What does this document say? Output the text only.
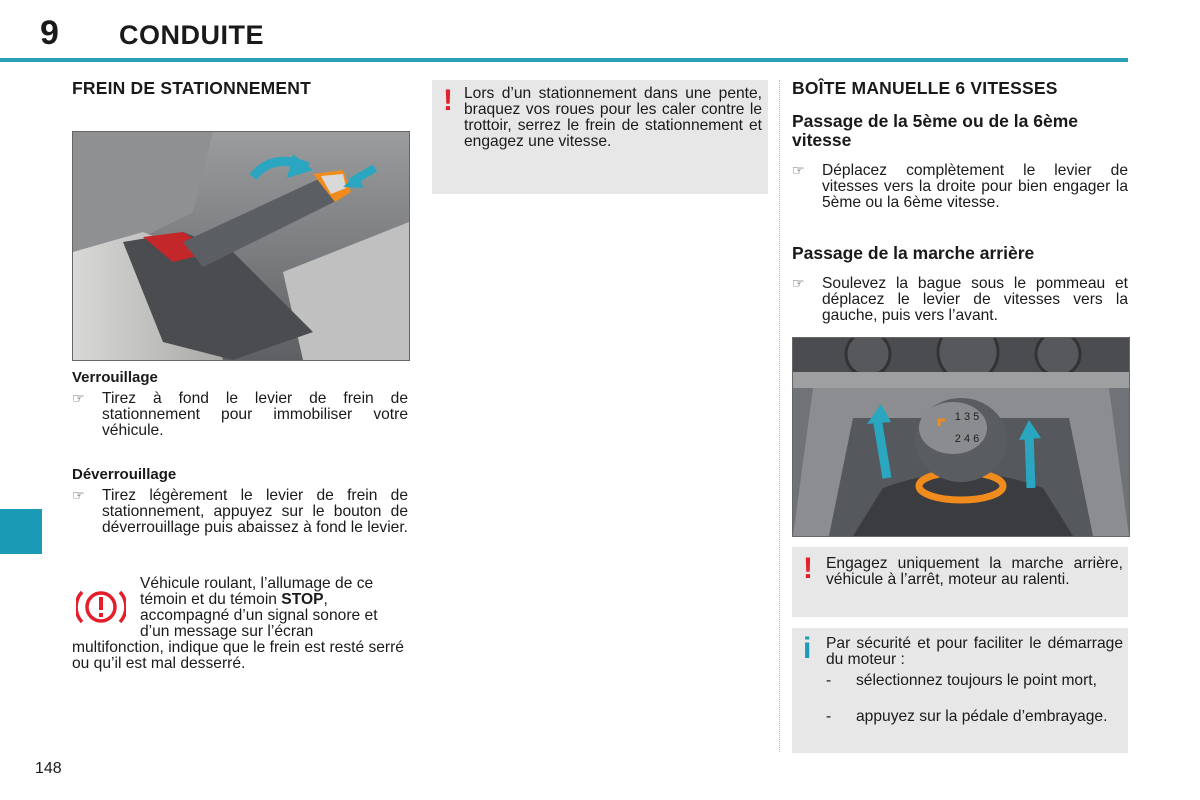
9 CONDUITE
148
FREIN DE STATIONNEMENT
Verrouillage
☞ Tirez à fond le levier de frein de stationnement pour immobiliser votre véhicule.
Déverrouillage
☞ Tirez légèrement le levier de frein de stationnement, appuyez sur le bouton de déverrouillage puis abaissez à fond le levier.
Véhicule roulant, l’allumage de ce témoin et du témoin STOP, accompagné d’un signal sonore et d’un message sur l’écran multifonction, indique que le frein est resté serré ou qu’il est mal desserré.
! Lors d’un stationnement dans une pente, braquez vos roues pour les caler contre le trottoir, serrez le frein de stationnement et engagez une vitesse.
BOÎTE MANUELLE 6 VITESSES
Passage de la 5ème ou de la 6ème vitesse
☞ Déplacez complètement le levier de vitesses vers la droite pour bien engager la 5ème ou la 6ème vitesse.
Passage de la marche arrière
☞ Soulevez la bague sous le pommeau et déplacez le levier de vitesses vers la gauche, puis vers l’avant.
1 3 5
2 4 6
! Engagez uniquement la marche arrière, véhicule à l’arrêt, moteur au ralenti.
i Par sécurité et pour faciliter le démarrage du moteur :
- sélectionnez toujours le point mort,
- appuyez sur la pédale d’embrayage.
